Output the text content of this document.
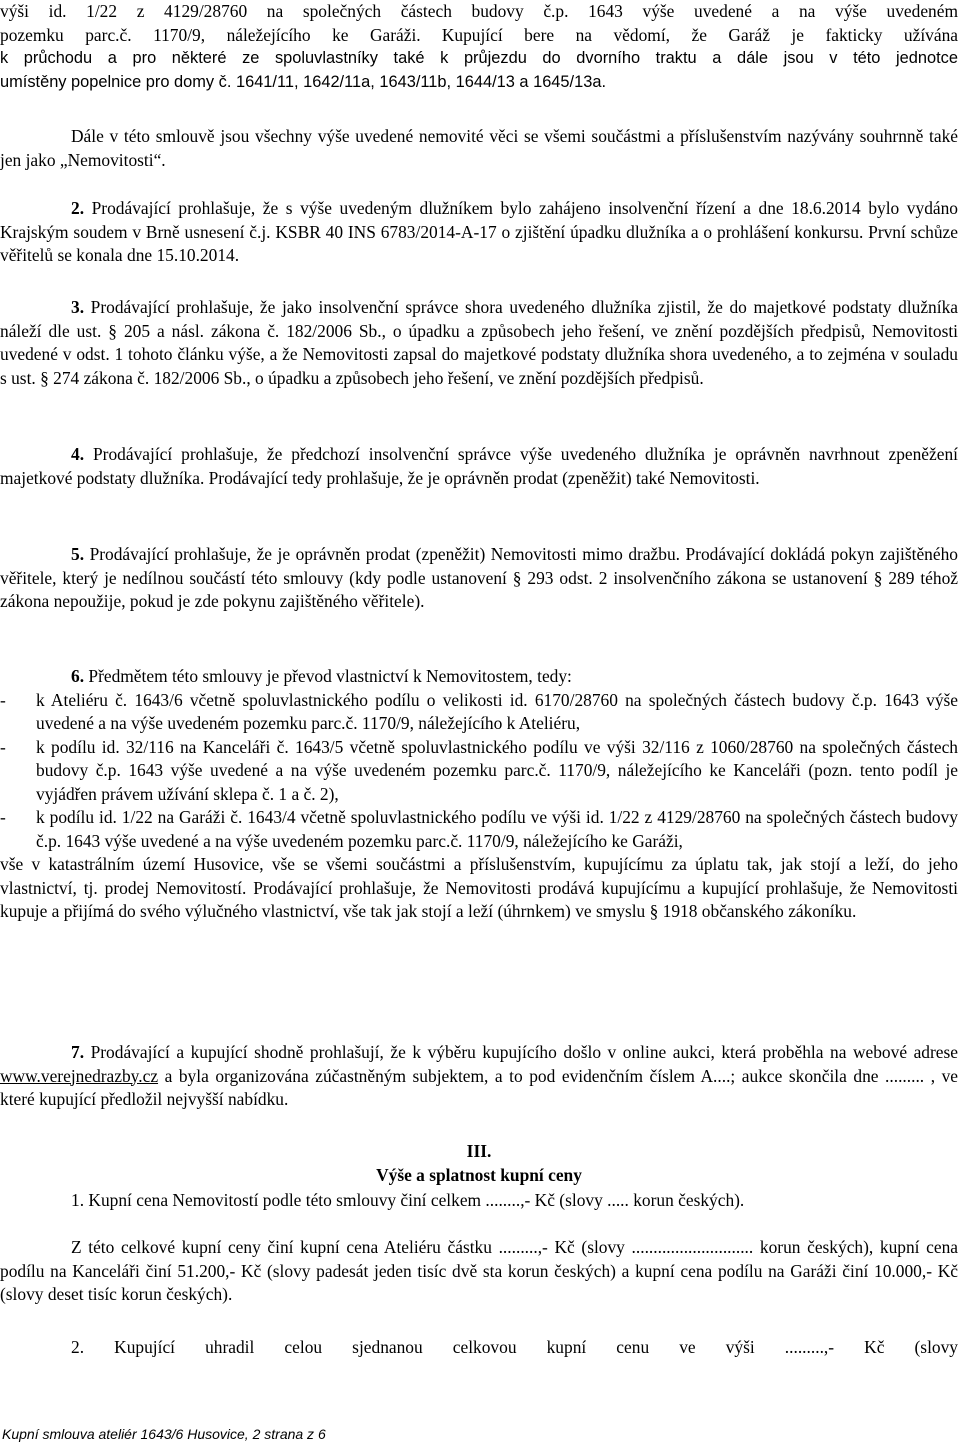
výši id. 1/22 z 4129/28760 na společných částech budovy č.p. 1643 výše uvedené a na výše uvedeném
pozemku parc.č. 1170/9, náležejícího ke Garáži. Kupující bere na vědomí, že Garáž je fakticky užívána
k průchodu a pro některé ze spoluvlastníky také k průjezdu do dvorního traktu a dále jsou v této jednotce
umístěny popelnice pro domy č. 1641/11, 1642/11a, 1643/11b, 1644/13 a 1645/13a.

Dále v této smlouvě jsou všechny výše uvedené nemovité věci se všemi součástmi a příslušenstvím nazývány souhrnně také jen jako „Nemovitosti“.

2. Prodávající prohlašuje, že s výše uvedeným dlužníkem bylo zahájeno insolvenční řízení a dne 18.6.2014 bylo vydáno Krajským soudem v Brně usnesení č.j. KSBR 40 INS 6783/2014-A-17 o zjištění úpadku dlužníka a o prohlášení konkursu. První schůze věřitelů se konala dne 15.10.2014.

3. Prodávající prohlašuje, že jako insolvenční správce shora uvedeného dlužníka zjistil, že do majetkové podstaty dlužníka náleží dle ust. § 205 a násl. zákona č. 182/2006 Sb., o úpadku a způsobech jeho řešení, ve znění pozdějších předpisů, Nemovitosti uvedené v odst. 1 tohoto článku výše, a že Nemovitosti zapsal do majetkové podstaty dlužníka shora uvedeného, a to zejména v souladu s ust. § 274 zákona č. 182/2006 Sb., o úpadku a způsobech jeho řešení, ve znění pozdějších předpisů.

4. Prodávající prohlašuje, že předchozí insolvenční správce výše uvedeného dlužníka je oprávněn navrhnout zpeněžení majetkové podstaty dlužníka. Prodávající tedy prohlašuje, že je oprávněn prodat (zpeněžit) také Nemovitosti.

5. Prodávající prohlašuje, že je oprávněn prodat (zpeněžit) Nemovitosti mimo dražbu. Prodávající dokládá pokyn zajištěného věřitele, který je nedílnou součástí této smlouvy (kdy podle ustanovení § 293 odst. 2 insolvenčního zákona se ustanovení § 289 téhož zákona nepoužije, pokud je zde pokynu zajištěného věřitele).

6. Předmětem této smlouvy je převod vlastnictví k Nemovitostem, tedy:
- k Ateliéru č. 1643/6 včetně spoluvlastnického podílu o velikosti id. 6170/28760 na společných částech budovy č.p. 1643 výše uvedené a na výše uvedeném pozemku parc.č. 1170/9, náležejícího k Ateliéru,
- k podílu id. 32/116 na Kanceláři č. 1643/5 včetně spoluvlastnického podílu ve výši 32/116 z 1060/28760 na společných částech budovy č.p. 1643 výše uvedené a na výše uvedeném pozemku parc.č. 1170/9, náležejícího ke Kanceláři (pozn. tento podíl je vyjádřen právem užívání sklepa č. 1 a č. 2),
- k podílu id. 1/22 na Garáži č. 1643/4 včetně spoluvlastnického podílu ve výši id. 1/22 z 4129/28760 na společných částech budovy č.p. 1643 výše uvedené a na výše uvedeném pozemku parc.č. 1170/9, náležejícího ke Garáži,
vše v katastrálním území Husovice, vše se všemi součástmi a příslušenstvím, kupujícímu za úplatu tak, jak stojí a leží, do jeho vlastnictví, tj. prodej Nemovitostí. Prodávající prohlašuje, že Nemovitosti prodává kupujícímu a kupující prohlašuje, že Nemovitosti kupuje a přijímá do svého výlučného vlastnictví, vše tak jak stojí a leží (úhrnkem) ve smyslu § 1918 občanského zákoníku.

7. Prodávající a kupující shodně prohlašují, že k výběru kupujícího došlo v online aukci, která proběhla na webové adrese www.verejnedrazby.cz a byla organizována zúčastněným subjektem, a to pod evidenčním číslem A....; aukce skončila dne ......... , ve které kupující předložil nejvyšší nabídku.

III.
Výše a splatnost kupní ceny

1. Kupní cena Nemovitostí podle této smlouvy činí celkem ........,- Kč (slovy ..... korun českých).

Z této celkové kupní ceny činí kupní cena Ateliéru částku .........,- Kč (slovy ............................ korun českých), kupní cena podílu na Kanceláři činí 51.200,- Kč (slovy padesát jeden tisíc dvě sta korun českých) a kupní cena podílu na Garáži činí 10.000,- Kč (slovy deset tisíc korun českých).

2. Kupující uhradil celou sjednanou celkovou kupní cenu ve výši .........,- Kč (slovy

Kupní smlouva ateliér 1643/6 Husovice, 2 strana z 6
